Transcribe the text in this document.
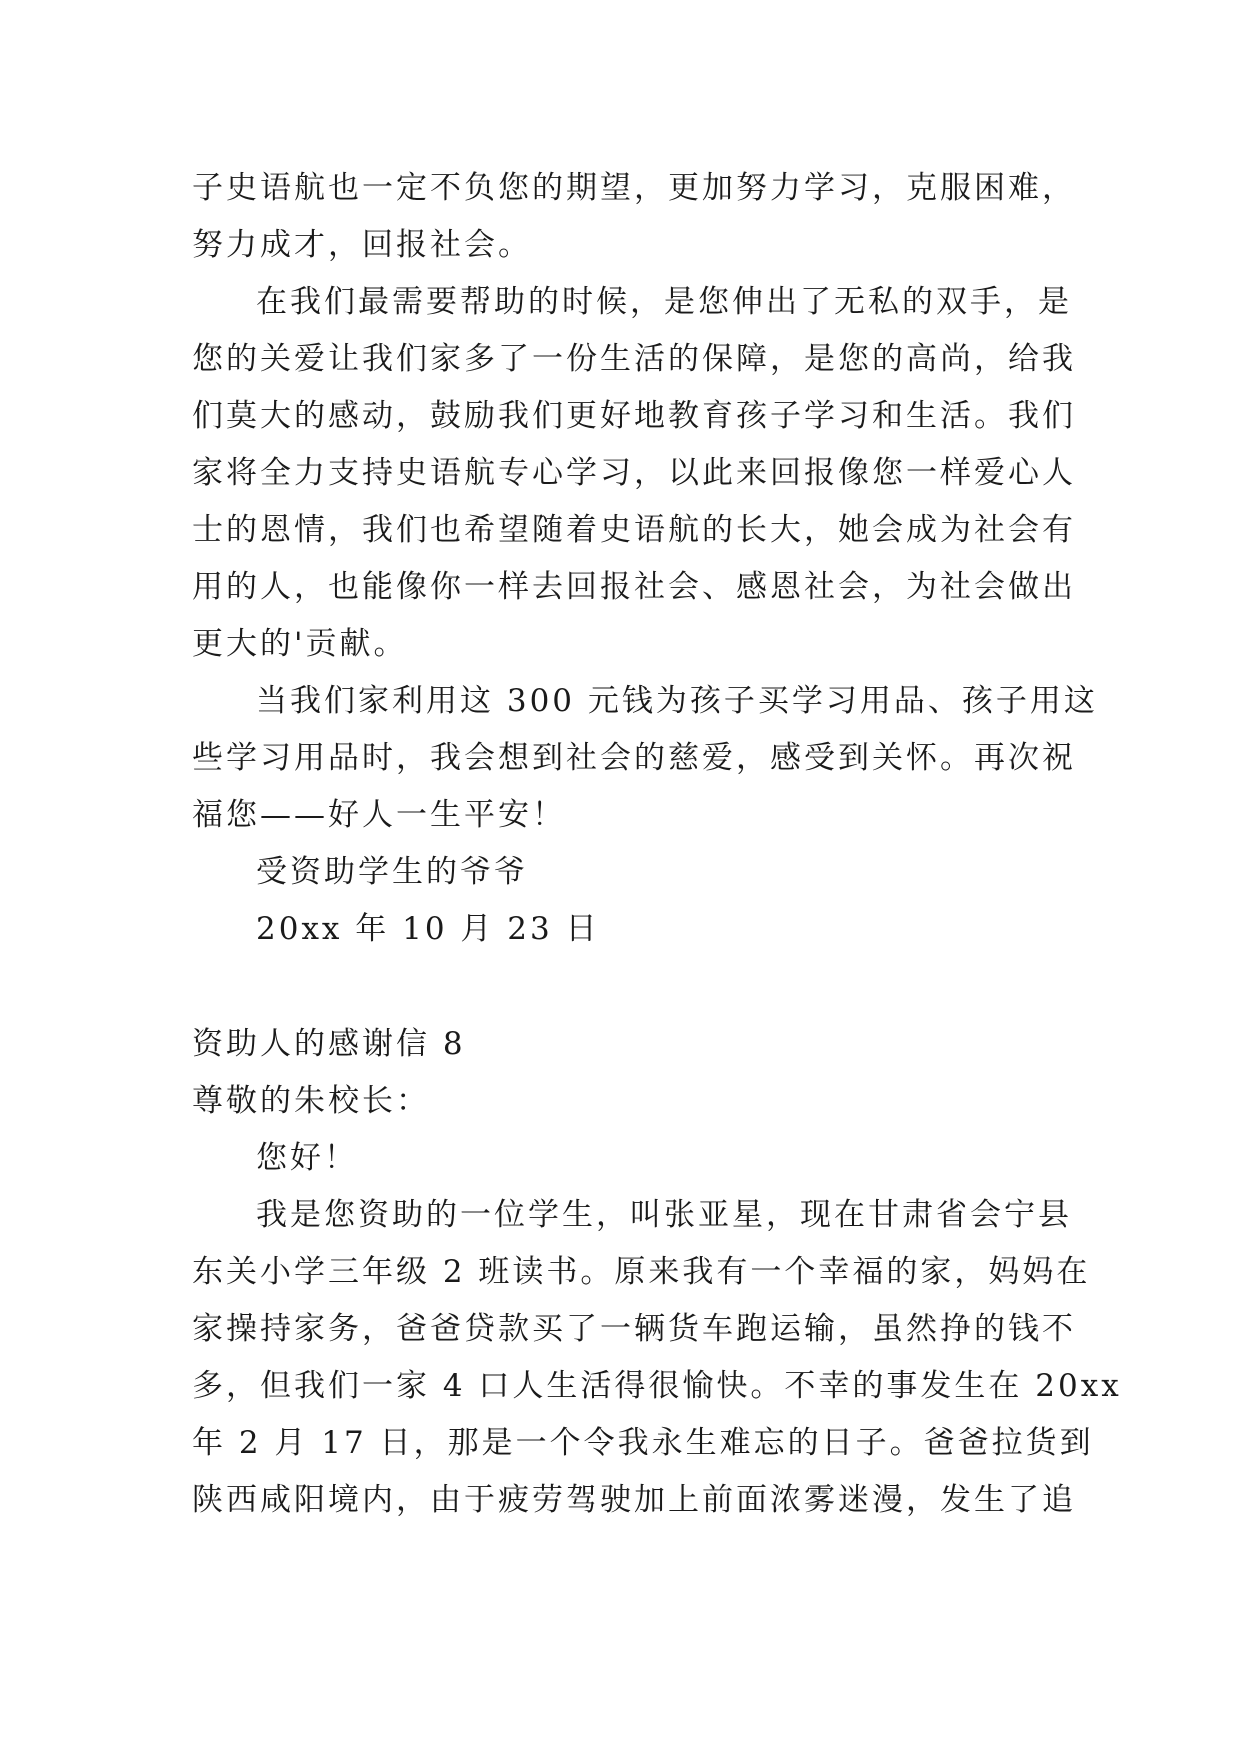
子史语航也一定不负您的期望，更加努力学习，克服困难，
努力成才，回报社会。
在我们最需要帮助的时候，是您伸出了无私的双手，是
您的关爱让我们家多了一份生活的保障，是您的高尚，给我
们莫大的感动，鼓励我们更好地教育孩子学习和生活。我们
家将全力支持史语航专心学习，以此来回报像您一样爱心人
士的恩情，我们也希望随着史语航的长大，她会成为社会有
用的人，也能像你一样去回报社会、感恩社会，为社会做出
更大的'贡献。
当我们家利用这 300 元钱为孩子买学习用品、孩子用这
些学习用品时，我会想到社会的慈爱，感受到关怀。再次祝
福您——好人一生平安！
受资助学生的爷爷
20xx 年 10 月 23 日
资助人的感谢信 8
尊敬的朱校长：
您好！
我是您资助的一位学生，叫张亚星，现在甘肃省会宁县
东关小学三年级 2 班读书。原来我有一个幸福的家，妈妈在
家操持家务，爸爸贷款买了一辆货车跑运输，虽然挣的钱不
多，但我们一家 4 口人生活得很愉快。不幸的事发生在 20xx
年 2 月 17 日，那是一个令我永生难忘的日子。爸爸拉货到
陕西咸阳境内，由于疲劳驾驶加上前面浓雾迷漫，发生了追
